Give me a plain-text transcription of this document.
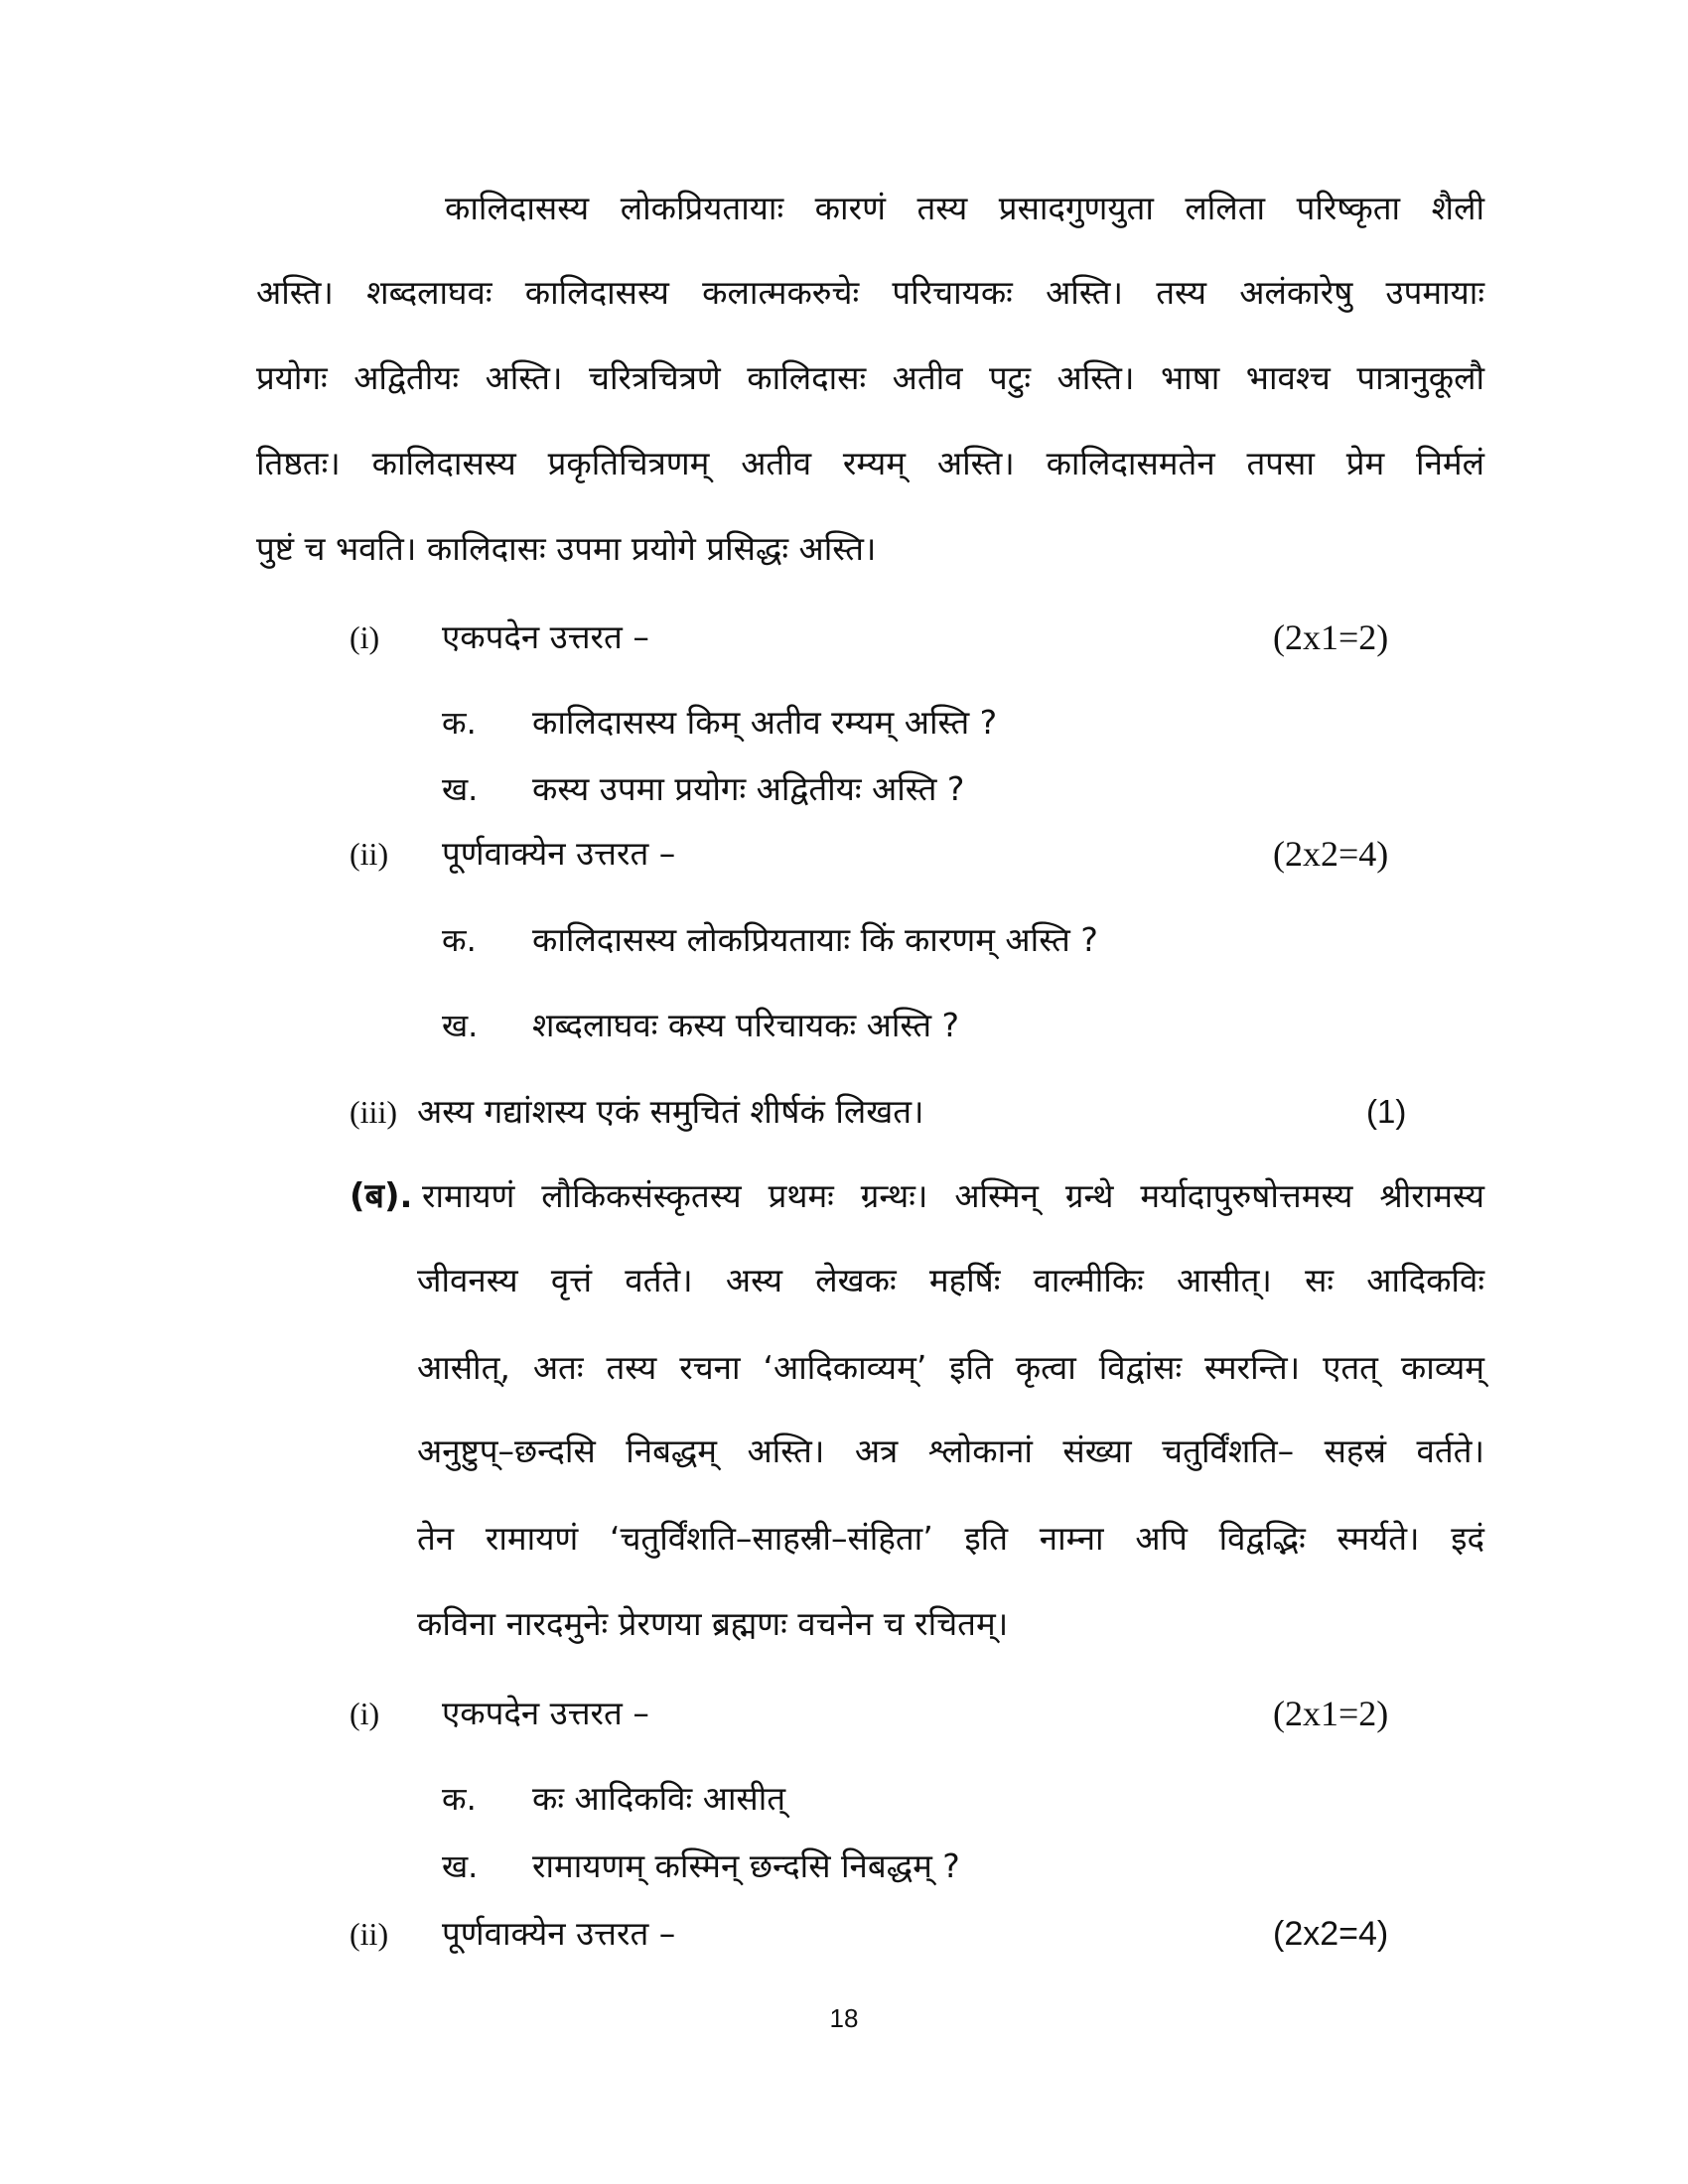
कालिदासस्य लोकप्रियतायाः कारणं तस्य प्रसादगुणयुता ललिता परिष्कृता शैली
अस्ति। शब्दलाघवः कालिदासस्य कलात्मकरुचेः परिचायकः अस्ति। तस्य अलंकारेषु उपमायाः
प्रयोगः अद्वितीयः अस्ति। चरित्रचित्रणे कालिदासः अतीव पटुः अस्ति। भाषा भावश्च पात्रानुकूलौ
तिष्ठतः। कालिदासस्य प्रकृतिचित्रणम् अतीव रम्यम् अस्ति। कालिदासमतेन तपसा प्रेम निर्मलं
पुष्टं च भवति। कालिदासः उपमा प्रयोगे प्रसिद्धः अस्ति।
(i) एकपदेन उत्तरत –	(2x1=2)
क. कालिदासस्य किम् अतीव रम्यम् अस्ति ?
ख. कस्य उपमा प्रयोगः अद्वितीयः अस्ति ?
(ii) पूर्णवाक्येन उत्तरत –	(2x2=4)
क. कालिदासस्य लोकप्रियतायाः किं कारणम् अस्ति ?
ख. शब्दलाघवः कस्य परिचायकः अस्ति ?
(iii) अस्य गद्यांशस्य एकं समुचितं शीर्षकं लिखत।	(1)
(ब). रामायणं लौकिकसंस्कृतस्य प्रथमः ग्रन्थः। अस्मिन् ग्रन्थे मर्यादापुरुषोत्तमस्य श्रीरामस्य
जीवनस्य वृत्तं वर्तते। अस्य लेखकः महर्षिः वाल्मीकिः आसीत्। सः आदिकविः
आसीत्, अतः तस्य रचना ‘आदिकाव्यम्’ इति कृत्वा विद्वांसः स्मरन्ति। एतत् काव्यम्
अनुष्टुप्–छन्दसि निबद्धम् अस्ति। अत्र श्लोकानां संख्या चतुर्विंशति– सहस्रं वर्तते।
तेन रामायणं ‘चतुर्विंशति–साहस्री–संहिता’ इति नाम्ना अपि विद्वद्भिः स्मर्यते। इदं
कविना नारदमुनेः प्रेरणया ब्रह्मणः वचनेन च रचितम्।
(i) एकपदेन उत्तरत –	(2x1=2)
क. कः आदिकविः आसीत्
ख. रामायणम् कस्मिन् छन्दसि निबद्धम् ?
(ii) पूर्णवाक्येन उत्तरत –	(2x2=4)
18
